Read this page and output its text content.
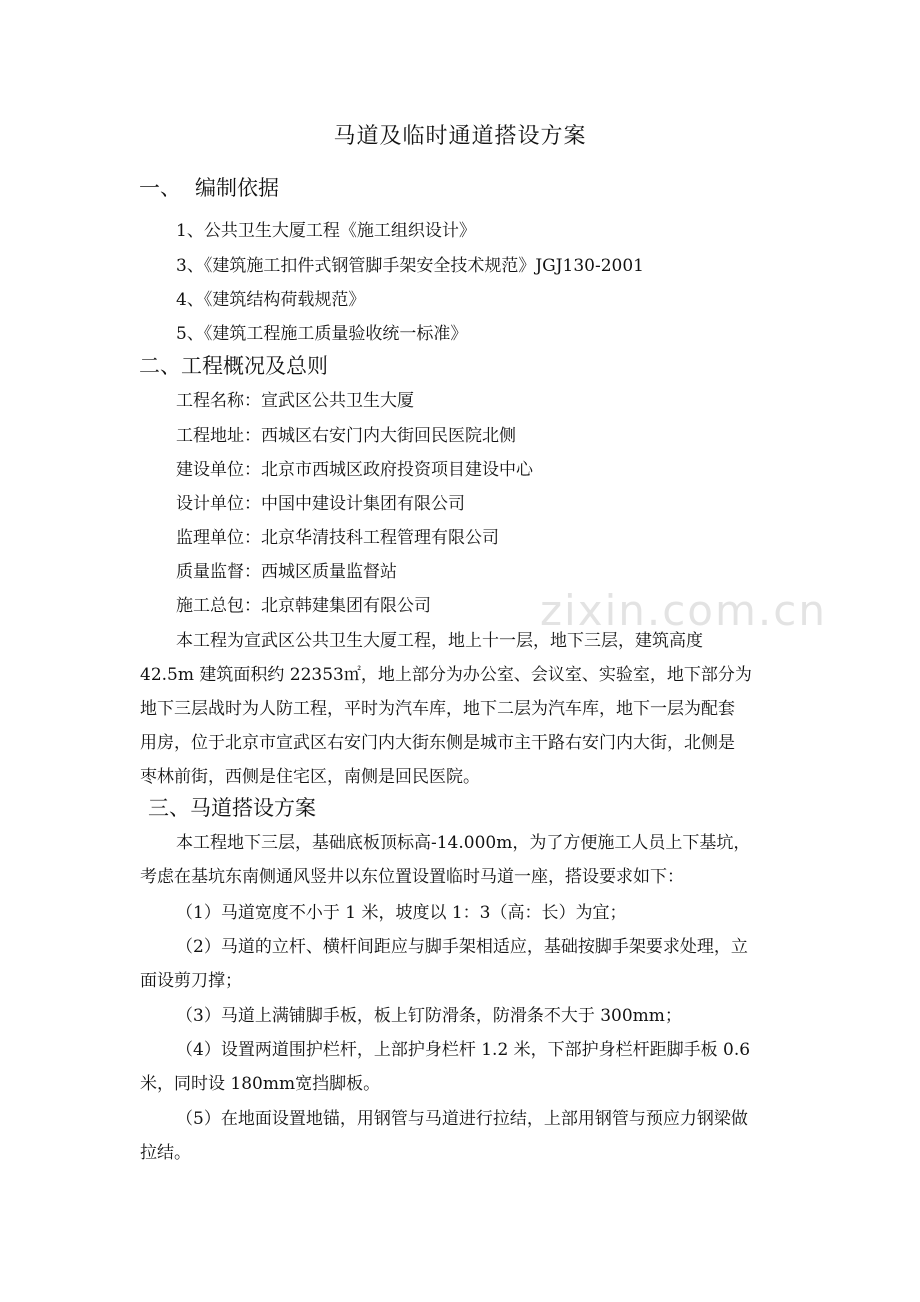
马道及临时通道搭设方案
一、 编制依据
1、公共卫生大厦工程《施工组织设计》
3、《建筑施工扣件式钢管脚手架安全技术规范》JGJ130-2001
4、《建筑结构荷载规范》
5、《建筑工程施工质量验收统一标准》
二、工程概况及总则
工程名称：宣武区公共卫生大厦
工程地址：西城区右安门内大街回民医院北侧
建设单位：北京市西城区政府投资项目建设中心
设计单位：中国中建设计集团有限公司
监理单位：北京华清技科工程管理有限公司
质量监督：西城区质量监督站
施工总包：北京韩建集团有限公司
本工程为宣武区公共卫生大厦工程，地上十一层，地下三层，建筑高度
42.5m 建筑面积约 22353㎡，地上部分为办公室、会议室、实验室，地下部分为
地下三层战时为人防工程，平时为汽车库，地下二层为汽车库，地下一层为配套
用房，位于北京市宣武区右安门内大街东侧是城市主干路右安门内大街，北侧是
枣林前街，西侧是住宅区，南侧是回民医院。
三、马道搭设方案
本工程地下三层，基础底板顶标高-14.000m，为了方便施工人员上下基坑，
考虑在基坑东南侧通风竖井以东位置设置临时马道一座，搭设要求如下：
（1）马道宽度不小于 1 米，坡度以 1：3（高：长）为宜；
（2）马道的立杆、横杆间距应与脚手架相适应，基础按脚手架要求处理，立
面设剪刀撑；
（3）马道上满铺脚手板，板上钉防滑条，防滑条不大于 300mm；
（4）设置两道围护栏杆，上部护身栏杆 1.2 米，下部护身栏杆距脚手板 0.6
米，同时设 180mm宽挡脚板。
（5）在地面设置地锚，用钢管与马道进行拉结，上部用钢管与预应力钢梁做
拉结。
zixin.com.cn
